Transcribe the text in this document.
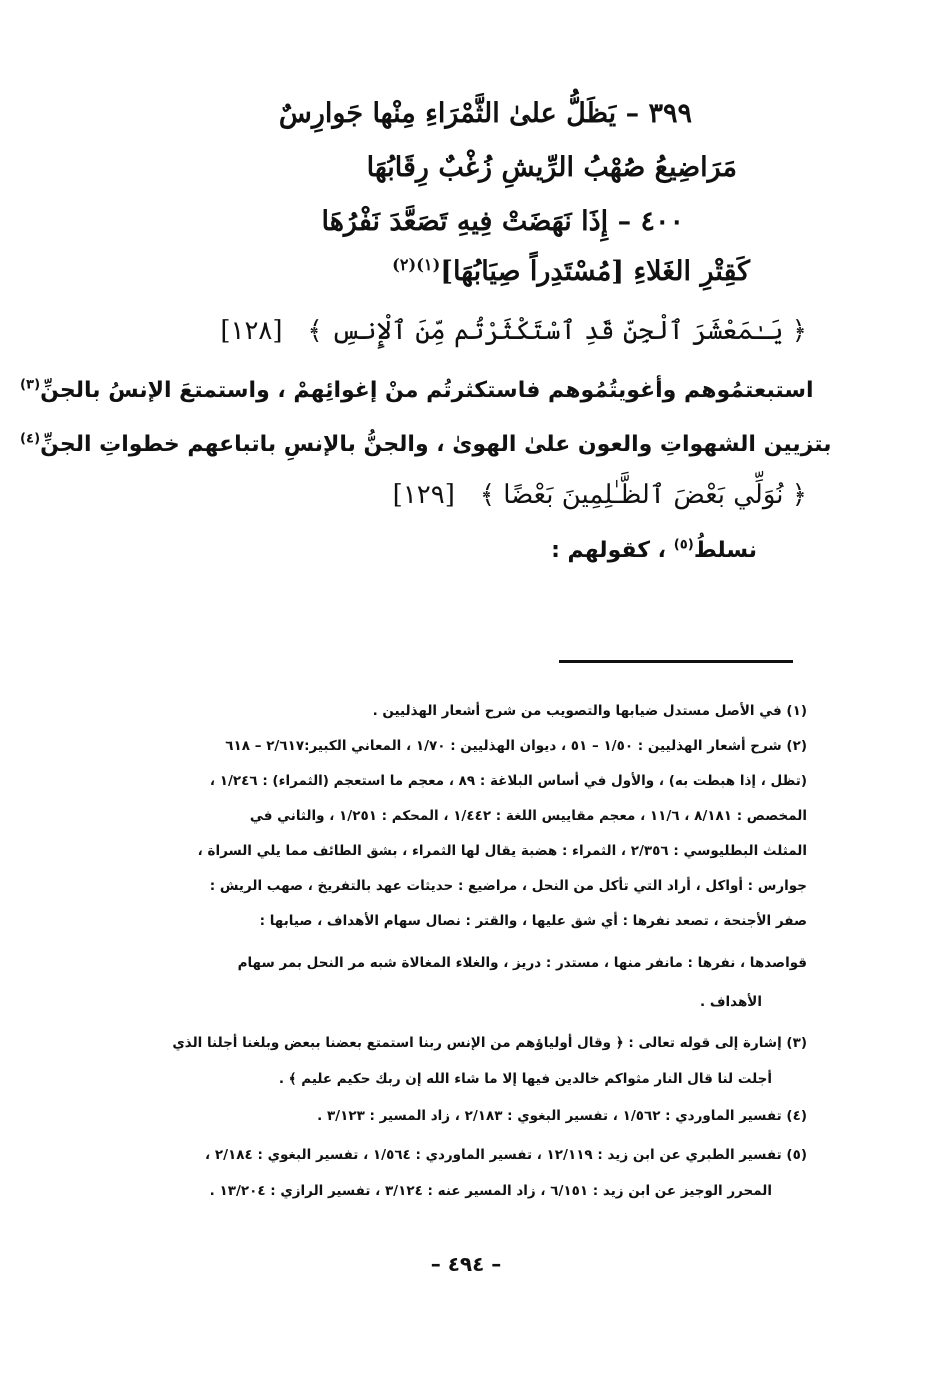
٣٩٩ – يَظَلُّ علىٰ الثَّمْرَاءِ مِنْها جَوارِسٌ
مَرَاضِيعُ صُهْبُ الرِّيشِ زُغْبٌ رِقَابُهَا
٤٠٠ – إِذَا نَهَضَتْ فِيهِ تَصَعَّدَ نَفْرُهَا
كَقِتْرِ الغَلاءِ [مُسْتَدِراً صِيَابُهَا]$^{(١)(٢)}$
﴿ يَـٰمَعْشَرَ ٱلْجِنِّ قَدِ ٱسْتَكْثَرْتُم مِّنَ ٱلْإِنسِ ﴾   [١٢٨]
استبعتمُوهم وأغويتُمُوهم فاستكثرتُم منْ إغوائِهمْ ، واستمتعَ الإنسُ بالجنِّ$^{(٣)}$
بتزيين الشهواتِ والعون علىٰ الهوىٰ ، والجنُّ بالإنسِ باتباعهم خطواتِ الجنِّ$^{(٤)}$
﴿ نُوَلِّي بَعْضَ ٱلظَّـٰلِمِينَ بَعْضًا ﴾   [١٢٩]
نسلطُ$^{(٥)}$ ، كقولهم :
(١) في الأصل مستدل ضيابها والتصويب من شرح أشعار الهذليين .
(٢) شرح أشعار الهذليين : ١/٥٠ – ٥١ ، ديوان الهذليين : ١/٧٠ ، المعاني الكبير:٢/٦١٧ – ٦١٨
(تظل ، إذا هبطت به) ، والأول في أساس البلاغة : ٨٩ ، معجم ما استعجم (الثمراء) : ١/٢٤٦ ،
المخصص : ٨/١٨١ ، ١١/٦ ، معجم مقاييس اللغة : ١/٤٤٢ ، المحكم : ١/٢٥١ ، والثاني في
المثلث البطليوسي : ٢/٣٥٦ ، الثمراء : هضبة يقال لها الثمراء ، بشق الطائف مما يلي السراة ،
جوارس : أواكل ، أراد التي تأكل من النحل ، مراضيع : حديثات عهد بالتفريخ ، صهب الريش :
صفر الأجنحة ، تصعد نفرها : أي شق عليها ، والقتر : نصال سهام الأهداف ، صيابها :
قواصدها ، نفرها : مانفر منها ، مستدر : دريز ، والغلاء المغالاة شبه مر النحل بمر سهام
الأهداف .
(٣) إشارة إلى قوله تعالى : ﴿ وقال أولياؤهم من الإنس ربنا استمتع بعضنا ببعض وبلغنا أجلنا الذي
أجلت لنا قال النار مثواكم خالدين فيها إلا ما شاء الله إن ربك حكيم عليم ﴾ .
(٤) تفسير الماوردي : ١/٥٦٢ ، تفسير البغوي : ٢/١٨٣ ، زاد المسير : ٣/١٢٣ .
(٥) تفسير الطبري عن ابن زيد : ١٢/١١٩ ، تفسير الماوردي : ١/٥٦٤ ، تفسير البغوي : ٢/١٨٤ ،
المحرر الوجيز عن ابن زيد : ٦/١٥١ ، زاد المسير عنه : ٣/١٢٤ ، تفسير الرازي : ١٣/٢٠٤ .
– ٤٩٤ –
